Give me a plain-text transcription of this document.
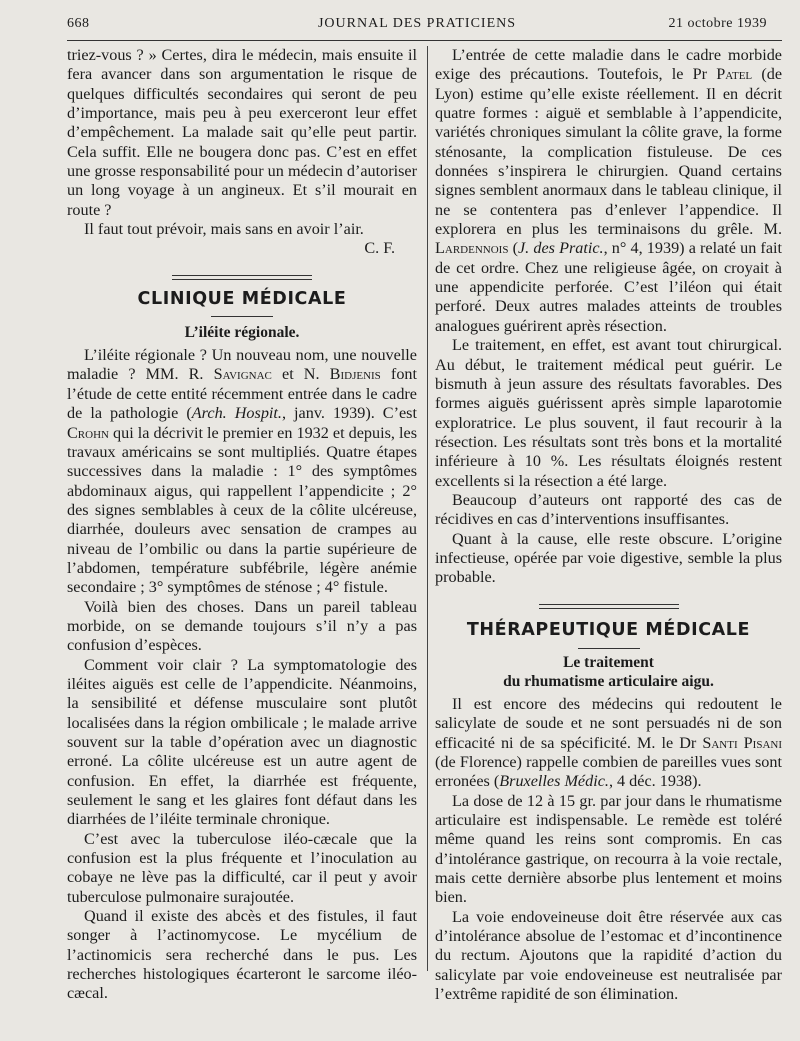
668	JOURNAL DES PRATICIENS	21 octobre 1939

triez-vous ? » Certes, dira le médecin, mais ensuite il fera avancer dans son argumentation le risque de quelques difficultés secondaires qui seront de peu d’importance, mais peu à peu exerceront leur effet d’empêchement. La malade sait qu’elle peut partir. Cela suffit. Elle ne bougera donc pas. C’est en effet une grosse responsabilité pour un médecin d’autoriser un long voyage à un angineux. Et s’il mourait en route ?

Il faut tout prévoir, mais sans en avoir l’air.

C. F.

CLINIQUE MÉDICALE

L’iléite régionale.

L’iléite régionale ? Un nouveau nom, une nouvelle maladie ? MM. R. Savignac et N. Bidjenis font l’étude de cette entité récemment entrée dans le cadre de la pathologie (Arch. Hospit., janv. 1939). C’est Crohn qui la décrivit le premier en 1932 et depuis, les travaux américains se sont multipliés. Quatre étapes successives dans la maladie : 1° des symptômes abdominaux aigus, qui rappellent l’appendicite ; 2° des signes semblables à ceux de la côlite ulcéreuse, diarrhée, douleurs avec sensation de crampes au niveau de l’ombilic ou dans la partie supérieure de l’abdomen, température subfébrile, légère anémie secondaire ; 3° symptômes de sténose ; 4° fistule.

Voilà bien des choses. Dans un pareil tableau morbide, on se demande toujours s’il n’y a pas confusion d’espèces.

Comment voir clair ? La symptomatologie des iléites aiguës est celle de l’appendicite. Néanmoins, la sensibilité et défense musculaire sont plutôt localisées dans la région ombilicale ; le malade arrive souvent sur la table d’opération avec un diagnostic erroné. La côlite ulcéreuse est un autre agent de confusion. En effet, la diarrhée est fréquente, seulement le sang et les glaires font défaut dans les diarrhées de l’iléite terminale chronique.

C’est avec la tuberculose iléo-cæcale que la confusion est la plus fréquente et l’inoculation au cobaye ne lève pas la difficulté, car il peut y avoir tuberculose pulmonaire surajoutée.

Quand il existe des abcès et des fistules, il faut songer à l’actinomycose. Le mycélium de l’actinomicis sera recherché dans le pus. Les recherches histologiques écarteront le sarcome iléo-cæcal.

L’entrée de cette maladie dans le cadre morbide exige des précautions. Toutefois, le Pr Patel (de Lyon) estime qu’elle existe réellement. Il en décrit quatre formes : aiguë et semblable à l’appendicite, variétés chroniques simulant la côlite grave, la forme sténosante, la complication fistuleuse. De ces données s’inspirera le chirurgien. Quand certains signes semblent anormaux dans le tableau clinique, il ne se contentera pas d’enlever l’appendice. Il explorera en plus les terminaisons du grêle. M. Lardennois (J. des Pratic., n° 4, 1939) a relaté un fait de cet ordre. Chez une religieuse âgée, on croyait à une appendicite perforée. C’est l’iléon qui était perforé. Deux autres malades atteints de troubles analogues guérirent après résection.

Le traitement, en effet, est avant tout chirurgical. Au début, le traitement médical peut guérir. Le bismuth à jeun assure des résultats favorables. Des formes aiguës guérissent après simple laparotomie exploratrice. Le plus souvent, il faut recourir à la résection. Les résultats sont très bons et la mortalité inférieure à 10 %. Les résultats éloignés restent excellents si la résection a été large.

Beaucoup d’auteurs ont rapporté des cas de récidives en cas d’interventions insuffisantes.

Quant à la cause, elle reste obscure. L’origine infectieuse, opérée par voie digestive, semble la plus probable.

THÉRAPEUTIQUE MÉDICALE

Le traitement

du rhumatisme articulaire aigu.

Il est encore des médecins qui redoutent le salicylate de soude et ne sont persuadés ni de son efficacité ni de sa spécificité. M. le Dr Santi Pisani (de Florence) rappelle combien de pareilles vues sont erronées (Bruxelles Médic., 4 déc. 1938).

La dose de 12 à 15 gr. par jour dans le rhumatisme articulaire est indispensable. Le remède est toléré même quand les reins sont compromis. En cas d’intolérance gastrique, on recourra à la voie rectale, mais cette dernière absorbe plus lentement et moins bien.

La voie endoveineuse doit être réservée aux cas d’intolérance absolue de l’estomac et d’incontinence du rectum. Ajoutons que la rapidité d’action du salicylate par voie endoveineuse est neutralisée par l’extrême rapidité de son élimination.
